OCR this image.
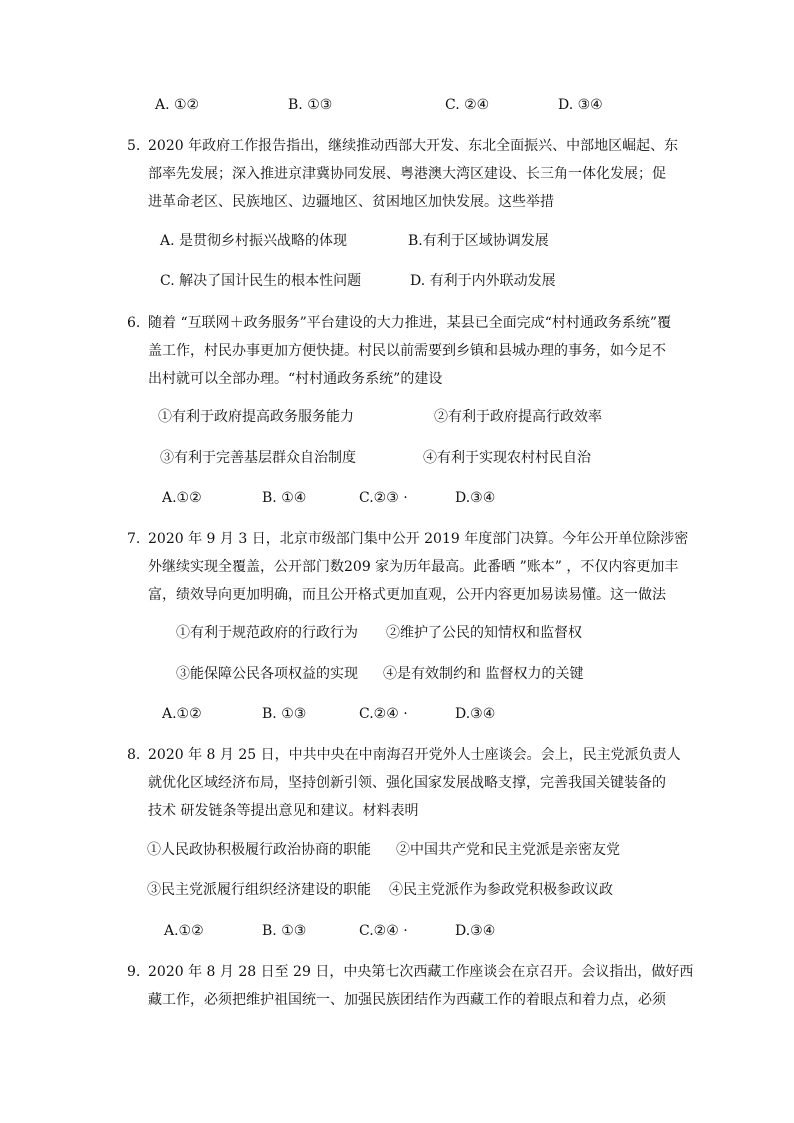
A. ①②	B. ①③	C. ②④	D. ③④
5. 2020 年政府工作报告指出，继续推动西部大开发、东北全面振兴、中部地区崛起、东
部率先发展；深入推进京津冀协同发展、粤港澳大湾区建设、长三角一体化发展；促
进革命老区、民族地区、边疆地区、贫困地区加快发展。这些举措
A. 是贯彻乡村振兴战略的体现	B.有利于区域协调发展
C. 解决了国计民生的根本性问题	D. 有利于内外联动发展
6. 随着 “互联网＋政务服务”平台建设的大力推进，某县已全面完成“村村通政务系统”覆
盖工作，村民办事更加方便快捷。村民以前需要到乡镇和县城办理的事务，如今足不
出村就可以全部办理。“村村通政务系统”的建设
①有利于政府提高政务服务能力	②有利于政府提高行政效率
③有利于完善基层群众自治制度	④有利于实现农村村民自治
A.①②	B. ①④	C.②③ ·	D.③④
7. 2020 年 9 月 3 日，北京市级部门集中公开 2019 年度部门决算。今年公开单位除涉密
外继续实现全覆盖，公开部门数209 家为历年最高。此番晒 ”账本” ，不仅内容更加丰
富，绩效导向更加明确，而且公开格式更加直观，公开内容更加易读易懂。这一做法
①有利于规范政府的行政行为 ②维护了公民的知情权和监督权
③能保障公民各项权益的实现 ④是有效制约和 监督权力的关键
A.①②	B. ①③	C.②④ ·	D.③④
8. 2020 年 8 月 25 日，中共中央在中南海召开党外人士座谈会。会上，民主党派负责人
就优化区域经济布局，坚持创新引领、强化国家发展战略支撑，完善我国关键装备的
技术 研发链条等提出意见和建议。材料表明
①人民政协积极履行政治协商的职能 ②中国共产党和民主党派是亲密友党
③民主党派履行组织经济建设的职能 ④民主党派作为参政党积极参政议政
A.①②	B. ①③	C.②④ ·	D.③④
9. 2020 年 8 月 28 日至 29 日，中央第七次西藏工作座谈会在京召开。会议指出，做好西
藏工作，必须把维护祖国统一、加强民族团结作为西藏工作的着眼点和着力点，必须
